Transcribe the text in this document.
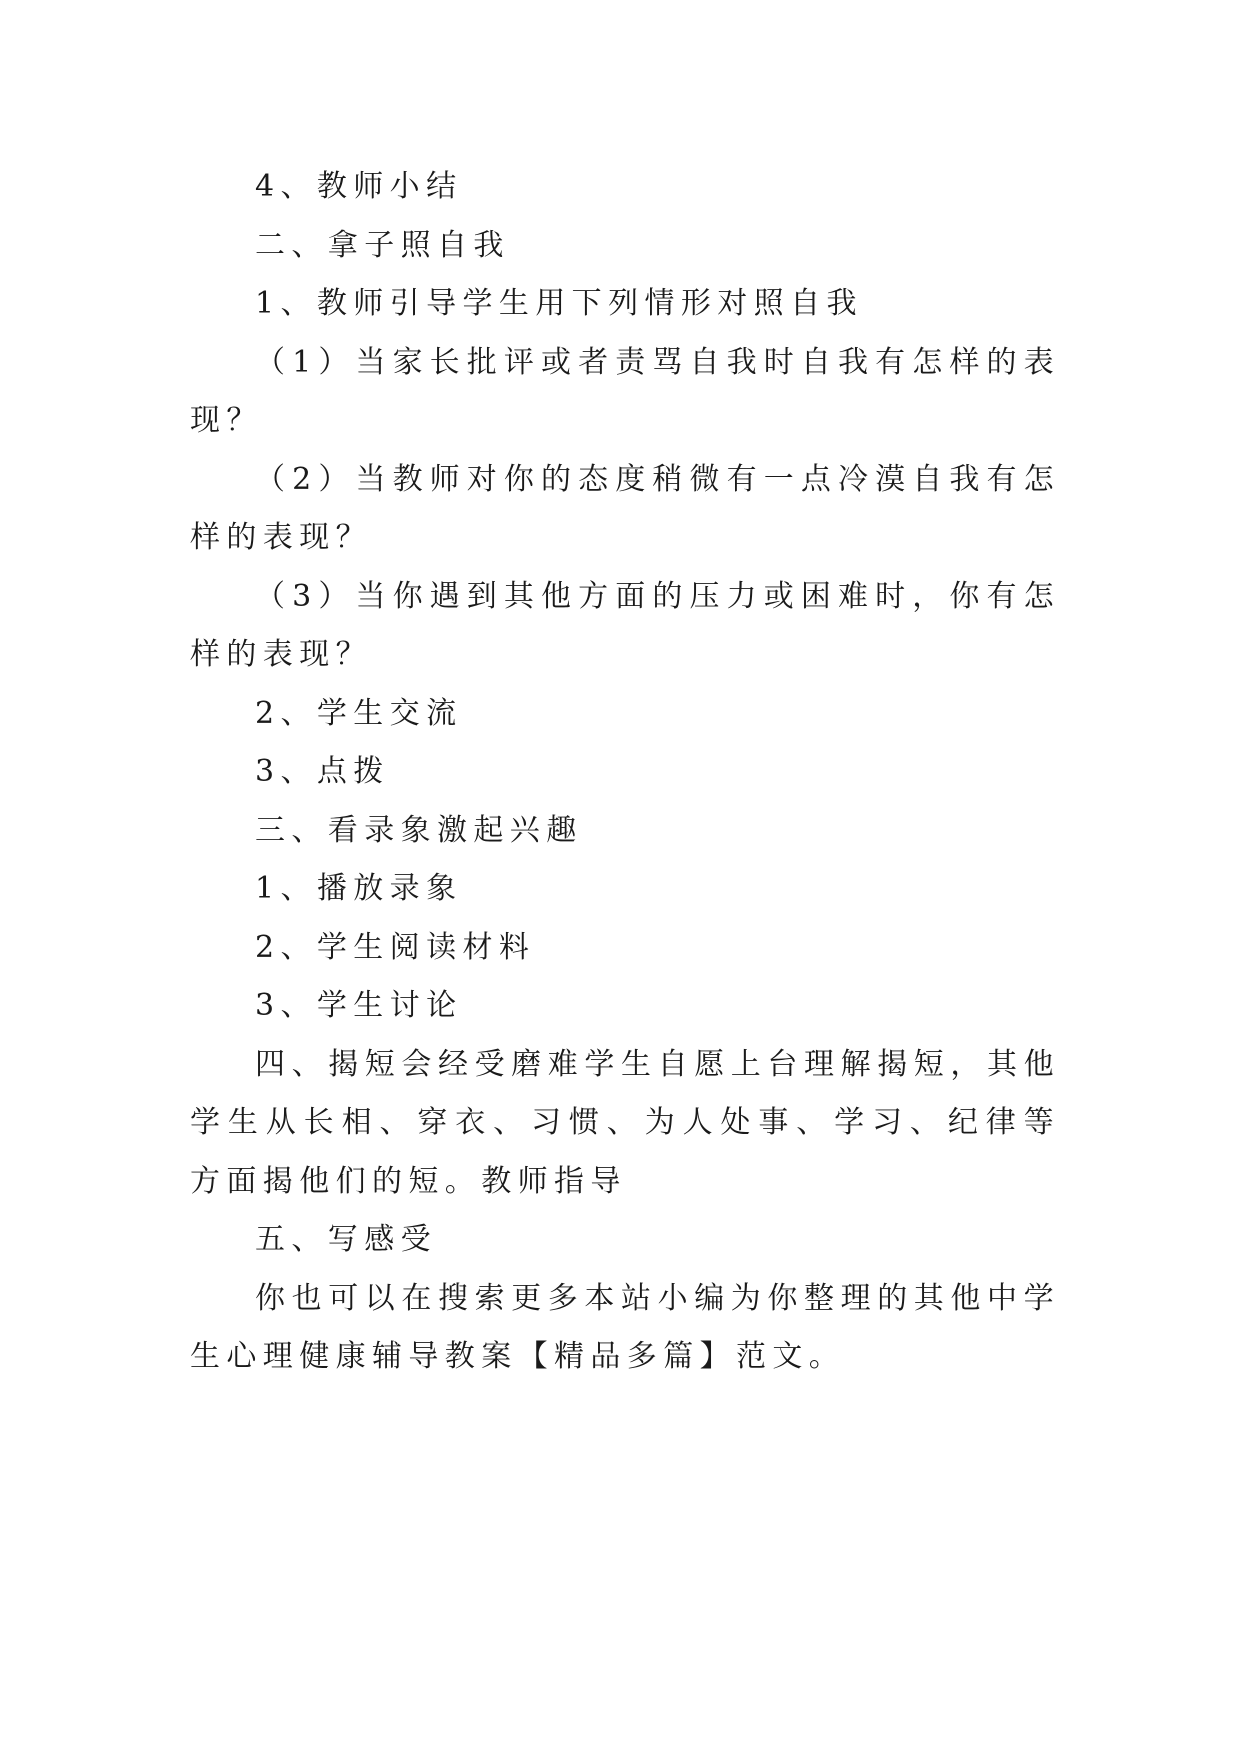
4、教师小结

二、拿子照自我

1、教师引导学生用下列情形对照自我

（1）当家长批评或者责骂自我时自我有怎样的表现？

（2）当教师对你的态度稍微有一点冷漠自我有怎样的表现？

（3）当你遇到其他方面的压力或困难时，你有怎样的表现？

2、学生交流

3、点拨

三、看录象激起兴趣

1、播放录象

2、学生阅读材料

3、学生讨论

四、揭短会经受磨难学生自愿上台理解揭短，其他学生从长相、穿衣、习惯、为人处事、学习、纪律等方面揭他们的短。教师指导

五、写感受

你也可以在搜索更多本站小编为你整理的其他中学生心理健康辅导教案【精品多篇】范文。
